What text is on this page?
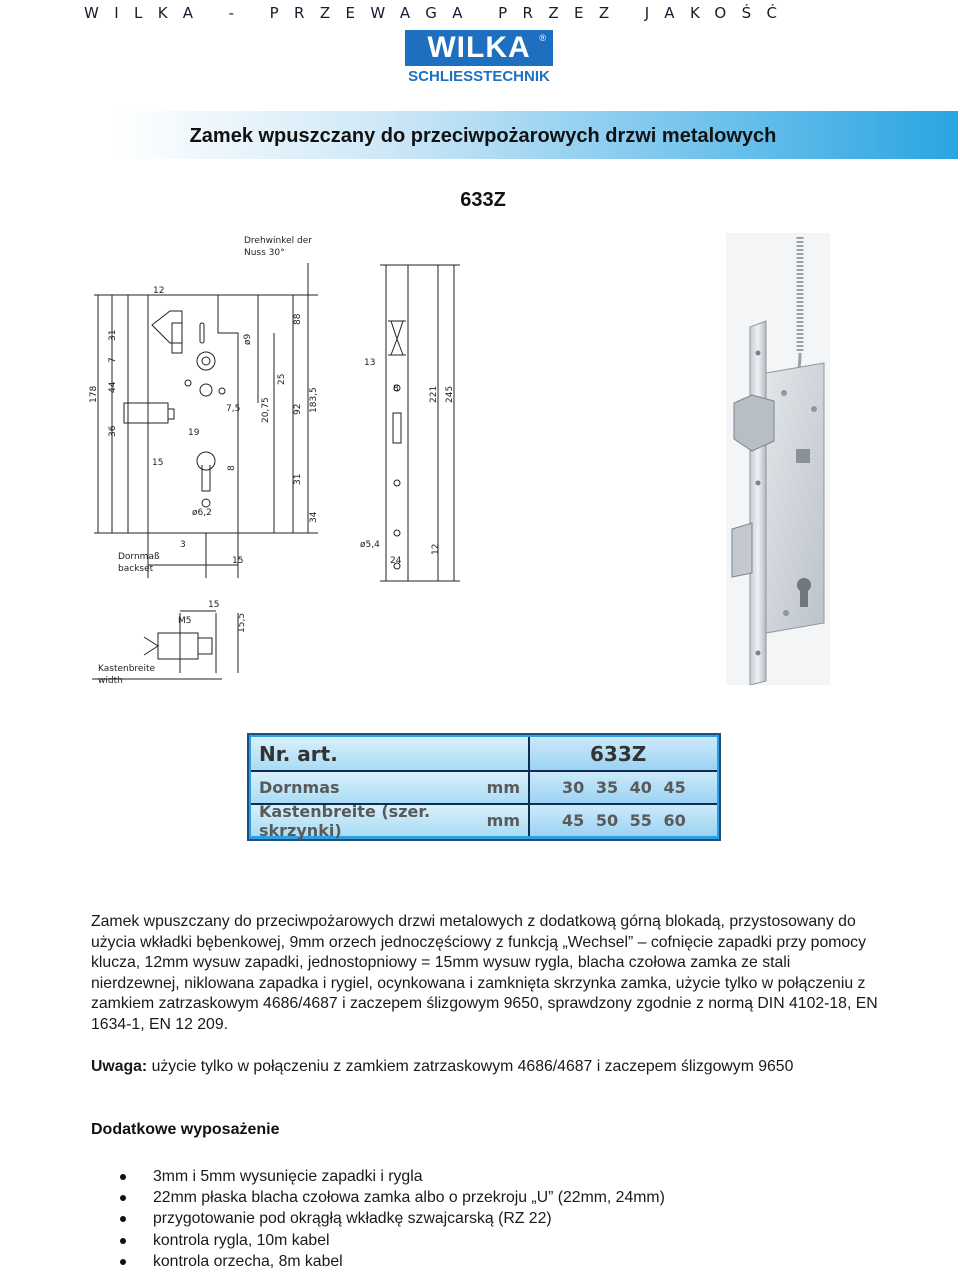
WILKA - PRZEWAGA PRZEZ JAKOŚĆ
WILKA ®
SCHLIESSTECHNIK
Zamek wpuszczany do przeciwpożarowych drzwi metalowych
633Z
Drehwinkel der
Nuss 30°
Dornmaß
backset
Kastenbreite
width
M5
12
7
31
44
178
36
15
19
ø9
7,5 20,75
25
92
88
183,5
31
34
8
ø6,2
3
15
15
15,5
13
8	221 245
ø5,4
24
12
Nr. art.	633Z
Dornmas	mm	30 35 40 45
Kastenbreite (szer. skrzynki)	mm	45 50 55 60

Zamek wpuszczany do przeciwpożarowych drzwi metalowych z dodatkową górną blokadą, przystosowany do użycia wkładki bębenkowej, 9mm orzech jednoczęściowy z funkcją „Wechsel” – cofnięcie zapadki przy pomocy klucza, 12mm wysuw zapadki, jednostopniowy = 15mm wysuw rygla, blacha czołowa zamka ze stali nierdzewnej, niklowana zapadka i rygiel, ocynkowana i zamknięta skrzynka zamka, użycie tylko w połączeniu z zamkiem zatrzaskowym 4686/4687 i zaczepem ślizgowym 9650, sprawdzony zgodnie z normą DIN 4102-18, EN 1634-1, EN 12 209.

Uwaga: użycie tylko w połączeniu z zamkiem zatrzaskowym 4686/4687 i zaczepem ślizgowym 9650

Dodatkowe wyposażenie
3mm i 5mm wysunięcie zapadki i rygla
22mm płaska blacha czołowa zamka albo o przekroju „U” (22mm, 24mm)
przygotowanie pod okrągłą wkładkę szwajcarską (RZ 22)
kontrola rygla, 10m kabel
kontrola orzecha, 8m kabel
